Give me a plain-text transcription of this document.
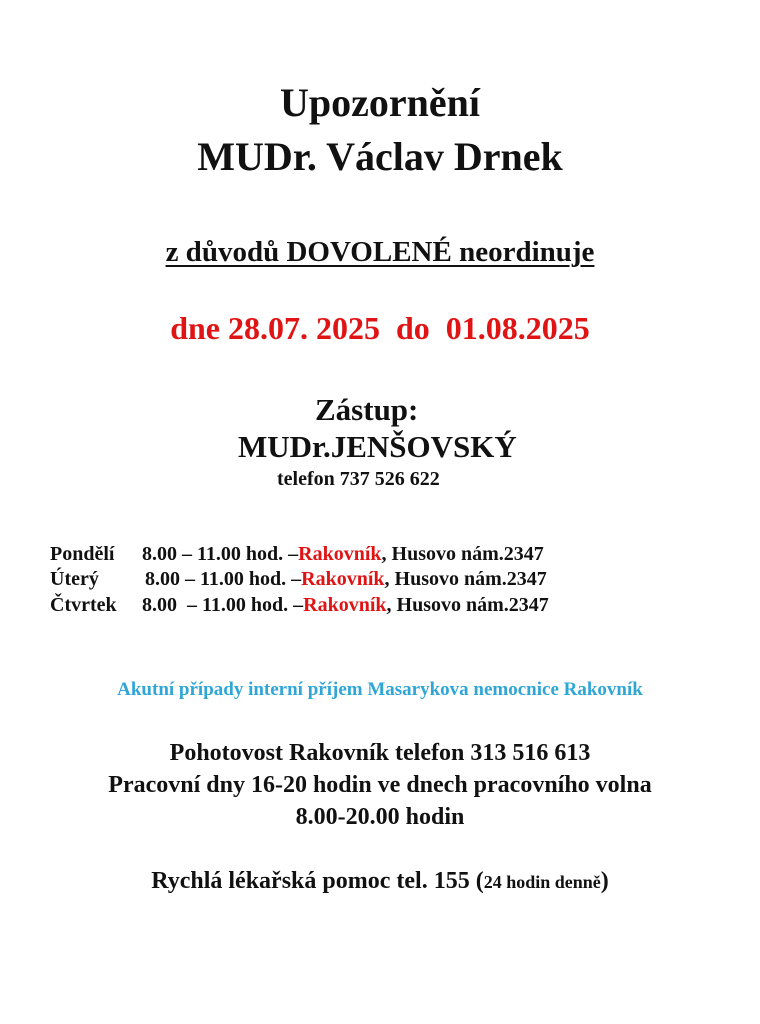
Upozornění
MUDr. Václav Drnek
z důvodů DOVOLENÉ neordinuje
dne 28.07. 2025  do  01.08.2025
Zástup:
MUDr.JENŠOVSKÝ
telefon 737 526 622

Pondělí 8.00 – 11.00 hod. –Rakovník, Husovo nám.2347

Úterý 8.00 – 11.00 hod. –Rakovník, Husovo nám.2347

Čtvrtek 8.00  – 11.00 hod. –Rakovník, Husovo nám.2347

Akutní případy interní příjem Masarykova nemocnice Rakovník
Pohotovost Rakovník telefon 313 516 613
Pracovní dny 16-20 hodin ve dnech pracovního volna
8.00-20.00 hodin
Rychlá lékařská pomoc tel. 155 (24 hodin denně)
